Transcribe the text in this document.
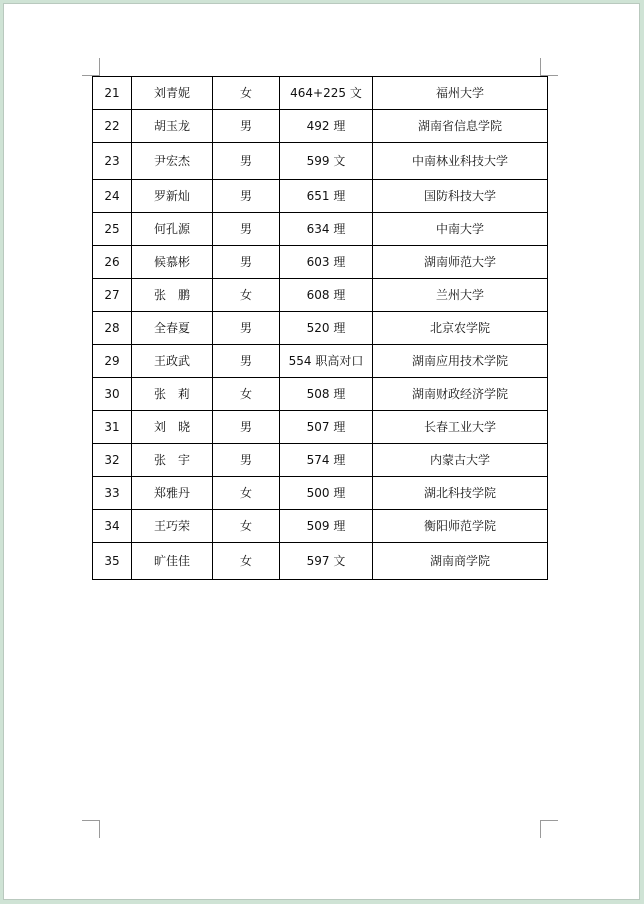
21	刘青妮	女	464+225 文	福州大学
22	胡玉龙	男	492 理	湖南省信息学院
23	尹宏杰	男	599 文	中南林业科技大学
24	罗新灿	男	651 理	国防科技大学
25	何孔源	男	634 理	中南大学
26	候慕彬	男	603 理	湖南师范大学
27	张　鹏	女	608 理	兰州大学
28	全春夏	男	520 理	北京农学院
29	王政武	男	554 职高对口	湖南应用技术学院
30	张　莉	女	508 理	湖南财政经济学院
31	刘　晓	男	507 理	长春工业大学
32	张　宇	男	574 理	内蒙古大学
33	郑雅丹	女	500 理	湖北科技学院
34	王巧荣	女	509 理	衡阳师范学院
35	旷佳佳	女	597 文	湖南商学院
